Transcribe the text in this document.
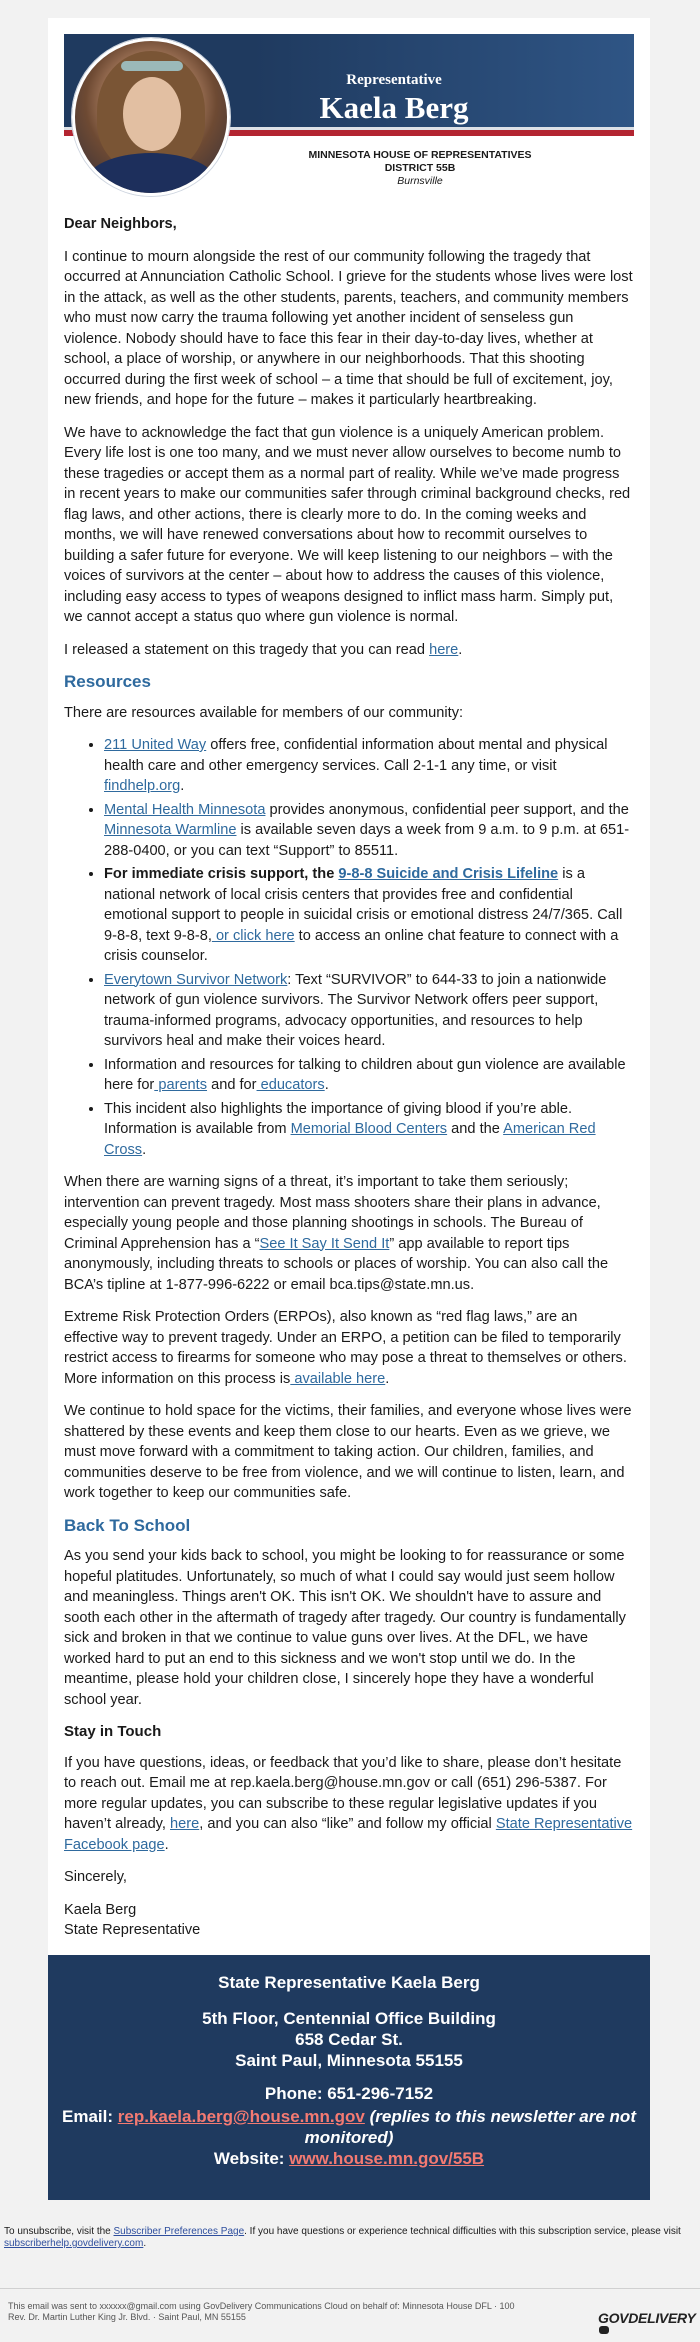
Representative
Kaela Berg
MINNESOTA HOUSE OF REPRESENTATIVES
DISTRICT 55B
Burnsville

Dear Neighbors,

I continue to mourn alongside the rest of our community following the tragedy that occurred at Annunciation Catholic School. I grieve for the students whose lives were lost in the attack, as well as the other students, parents, teachers, and community members who must now carry the trauma following yet another incident of senseless gun violence. Nobody should have to face this fear in their day-to-day lives, whether at school, a place of worship, or anywhere in our neighborhoods. That this shooting occurred during the first week of school – a time that should be full of excitement, joy, new friends, and hope for the future – makes it particularly heartbreaking.

We have to acknowledge the fact that gun violence is a uniquely American problem. Every life lost is one too many, and we must never allow ourselves to become numb to these tragedies or accept them as a normal part of reality. While we’ve made progress in recent years to make our communities safer through criminal background checks, red flag laws, and other actions, there is clearly more to do. In the coming weeks and months, we will have renewed conversations about how to recommit ourselves to building a safer future for everyone. We will keep listening to our neighbors – with the voices of survivors at the center – about how to address the causes of this violence, including easy access to types of weapons designed to inflict mass harm. Simply put, we cannot accept a status quo where gun violence is normal.

I released a statement on this tragedy that you can read here.

Resources

There are resources available for members of our community:

• 211 United Way offers free, confidential information about mental and physical health care and other emergency services. Call 2-1-1 any time, or visit findhelp.org.
• Mental Health Minnesota provides anonymous, confidential peer support, and the Minnesota Warmline is available seven days a week from 9 a.m. to 9 p.m. at 651-288-0400, or you can text “Support” to 85511.
• For immediate crisis support, the 9-8-8 Suicide and Crisis Lifeline is a national network of local crisis centers that provides free and confidential emotional support to people in suicidal crisis or emotional distress 24/7/365. Call 9-8-8, text 9-8-8, or click here to access an online chat feature to connect with a crisis counselor.
• Everytown Survivor Network: Text “SURVIVOR” to 644-33 to join a nationwide network of gun violence survivors. The Survivor Network offers peer support, trauma-informed programs, advocacy opportunities, and resources to help survivors heal and make their voices heard.
• Information and resources for talking to children about gun violence are available here for parents and for educators.
• This incident also highlights the importance of giving blood if you’re able. Information is available from Memorial Blood Centers and the American Red Cross.

When there are warning signs of a threat, it’s important to take them seriously; intervention can prevent tragedy. Most mass shooters share their plans in advance, especially young people and those planning shootings in schools. The Bureau of Criminal Apprehension has a “See It Say It Send It” app available to report tips anonymously, including threats to schools or places of worship. You can also call the BCA’s tipline at 1-877-996-6222 or email bca.tips@state.mn.us.

Extreme Risk Protection Orders (ERPOs), also known as “red flag laws,” are an effective way to prevent tragedy. Under an ERPO, a petition can be filed to temporarily restrict access to firearms for someone who may pose a threat to themselves or others. More information on this process is available here.

We continue to hold space for the victims, their families, and everyone whose lives were shattered by these events and keep them close to our hearts. Even as we grieve, we must move forward with a commitment to taking action. Our children, families, and communities deserve to be free from violence, and we will continue to listen, learn, and work together to keep our communities safe.

Back To School

As you send your kids back to school, you might be looking to for reassurance or some hopeful platitudes. Unfortunately, so much of what I could say would just seem hollow and meaningless. Things aren't OK. This isn't OK. We shouldn't have to assure and sooth each other in the aftermath of tragedy after tragedy. Our country is fundamentally sick and broken in that we continue to value guns over lives. At the DFL, we have worked hard to put an end to this sickness and we won't stop until we do. In the meantime, please hold your children close, I sincerely hope they have a wonderful school year.

Stay in Touch

If you have questions, ideas, or feedback that you’d like to share, please don’t hesitate to reach out. Email me at rep.kaela.berg@house.mn.gov or call (651) 296-5387. For more regular updates, you can subscribe to these regular legislative updates if you haven’t already, here, and you can also “like” and follow my official State Representative Facebook page.

Sincerely,

Kaela Berg
State Representative
State Representative Kaela Berg
5th Floor, Centennial Office Building
658 Cedar St.
Saint Paul, Minnesota 55155
Phone: 651-296-7152
Email: rep.kaela.berg@house.mn.gov (replies to this newsletter are not monitored)
Website: www.house.mn.gov/55B
To unsubscribe, visit the Subscriber Preferences Page. If you have questions or experience technical difficulties with this subscription service, please visit subscriberhelp.govdelivery.com.
This email was sent to xxxxxx@gmail.com using GovDelivery Communications Cloud on behalf of: Minnesota House DFL · 100
Rev. Dr. Martin Luther King Jr. Blvd. · Saint Paul, MN 55155	GOVDELIVERY
